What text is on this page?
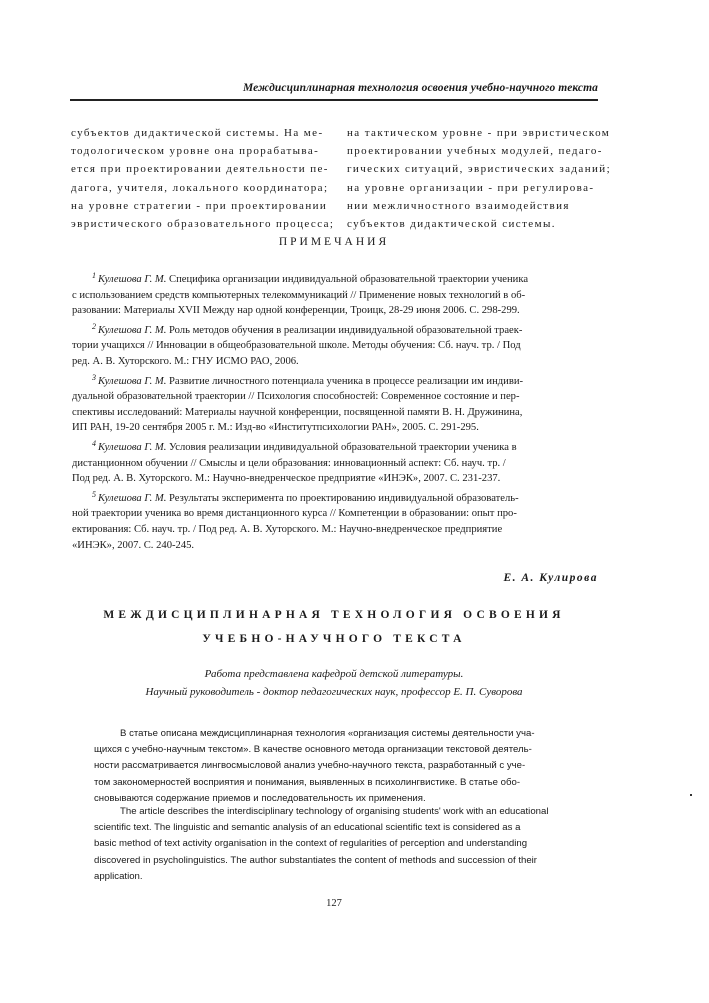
Междисциплинарная технология освоения учебно-научного текста
субъектов дидактической системы. На ме-
тодологическом уровне она прорабатыва-
ется при проектировании деятельности пе-
дагога, учителя, локального координатора;
на уровне стратегии - при проектировании
эвристического образовательного процесса;
на тактическом уровне - при эвристическом
проектировании учебных модулей, педаго-
гических ситуаций, эвристических заданий;
на уровне организации - при регулирова-
нии межличностного взаимодействия
субъектов дидактической системы.
ПРИМЕЧАНИЯ
$^1$ Кулешова Г. М. Специфика организации индивидуальной образовательной траектории ученика
с использованием средств компьютерных телекоммуникаций // Применение новых технологий в об-
разовании: Материалы XVII Между нар одной конференции, Троицк, 28-29 июня 2006. С. 298-299.
$^2$ Кулешова Г. М. Роль методов обучения в реализации индивидуальной образовательной траек-
тории учащихся // Инновации в общеобразовательной школе. Методы обучения: Сб. науч. тр. / Под
ред. А. В. Хуторского. М.: ГНУ ИСМО РАО, 2006.
$^3$ Кулешова Г. М. Развитие личностного потенциала ученика в процессе реализации им индиви-
дуальной образовательной траектории // Психология способностей: Современное состояние и пер-
спективы исследований: Материалы научной конференции, посвященной памяти В. Н. Дружинина,
ИП РАН, 19-20 сентября 2005 г. М.: Изд-во «Институтпсихологии РАН», 2005. С. 291-295.
$^4$ Кулешова Г. М. Условия реализации индивидуальной образовательной траектории ученика в
дистанционном обучении // Смыслы и цели образования: инновационный аспект: Сб. науч. тр. /
Под ред. А. В. Хуторского. М.: Научно-внедренческое предприятие «ИНЭК», 2007. С. 231-237.
$^5$ Кулешова Г. М. Результаты эксперимента по проектированию индивидуальной образователь-
ной траектории ученика во время дистанционного курса // Компетенции в образовании: опыт про-
ектирования: Сб. науч. тр. / Под ред. А. В. Хуторского. М.: Научно-внедренческое предприятие
«ИНЭК», 2007. С. 240-245.
Е. А. Кулирова
МЕЖДИСЦИПЛИНАРНАЯ ТЕХНОЛОГИЯ ОСВОЕНИЯ
УЧЕБНО-НАУЧНОГО ТЕКСТА
Работа представлена кафедрой детской литературы.
Научный руководитель - доктор педагогических наук, профессор Е. П. Суворова
В статье описана междисциплинарная технология «организация системы деятельности уча-
щихся с учебно-научным текстом». В качестве основного метода организации текстовой деятель-
ности рассматривается лингвосмысловой анализ учебно-научного текста, разработанный с уче-
том закономерностей восприятия и понимания, выявленных в психолингвистике. В статье обо-
сновываются содержание приемов и последовательность их применения.
The article describes the interdisciplinary technology of organising students' work with an educational
scientific text. The linguistic and semantic analysis of an educational scientific text is considered as a
basic method of text activity organisation in the context of regularities of perception and understanding
discovered in psycholinguistics. The author substantiates the content of methods and succession of their
application.
127
